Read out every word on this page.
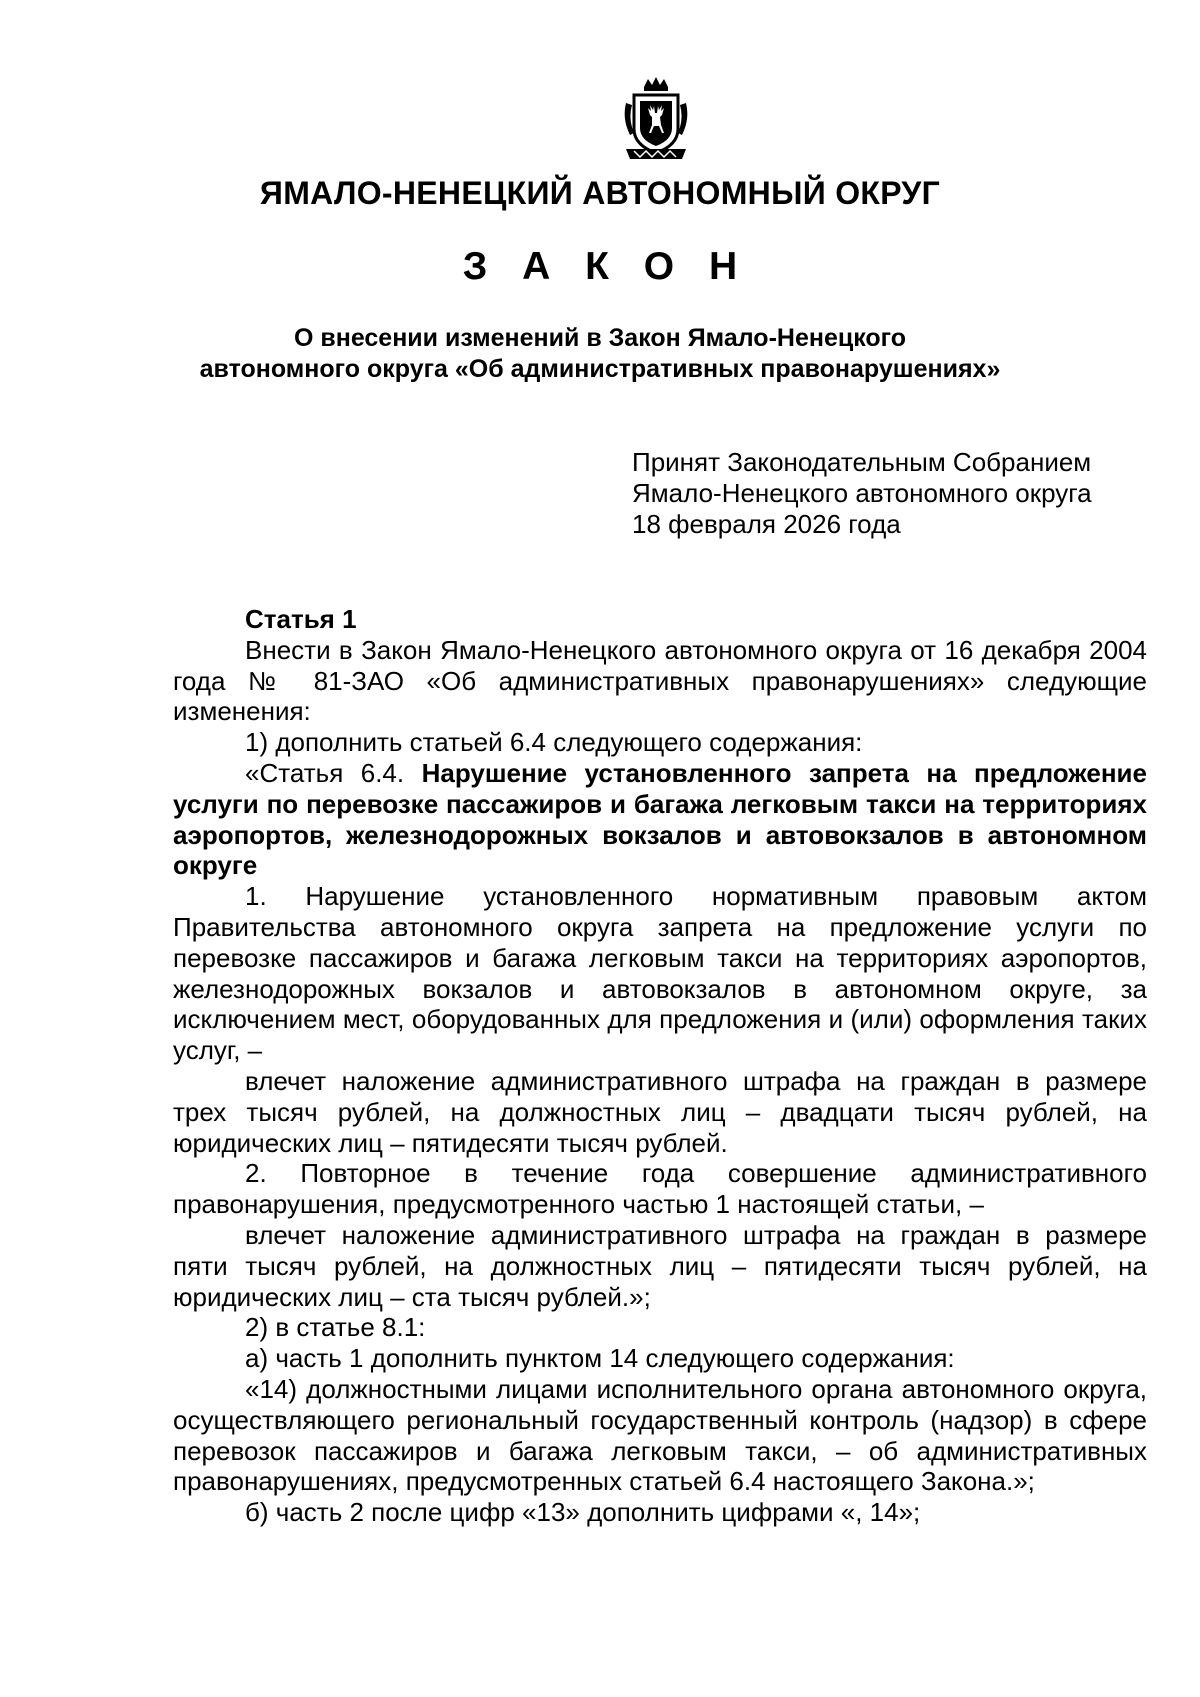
ЯМАЛО-НЕНЕЦКИЙ АВТОНОМНЫЙ ОКРУГ
З А К О Н
О внесении изменений в Закон Ямало-Ненецкого
автономного округа «Об административных правонарушениях»
Принят Законодательным Собранием
Ямало-Ненецкого автономного округа
18 февраля 2026 года

Статья 1

Внести в Закон Ямало-Ненецкого автономного округа от 16 декабря 2004 года № 81-ЗАО «Об административных правонарушениях» следующие изменения:

1) дополнить статьей 6.4 следующего содержания:

«Статья 6.4. Нарушение установленного запрета на предложение услуги по перевозке пассажиров и багажа легковым такси на территориях аэропортов, железнодорожных вокзалов и автовокзалов в автономном округе

1. Нарушение установленного нормативным правовым актом Правительства автономного округа запрета на предложение услуги по перевозке пассажиров и багажа легковым такси на территориях аэропортов, железнодорожных вокзалов и автовокзалов в автономном округе, за исключением мест, оборудованных для предложения и (или) оформления таких услуг, –

влечет наложение административного штрафа на граждан в размере трех тысяч рублей, на должностных лиц – двадцати тысяч рублей, на юридических лиц – пятидесяти тысяч рублей.

2. Повторное в течение года совершение административного правонарушения, предусмотренного частью 1 настоящей статьи, –

влечет наложение административного штрафа на граждан в размере пяти тысяч рублей, на должностных лиц – пятидесяти тысяч рублей, на юридических лиц – ста тысяч рублей.»;

2) в статье 8.1:

а) часть 1 дополнить пунктом 14 следующего содержания:

«14) должностными лицами исполнительного органа автономного округа, осуществляющего региональный государственный контроль (надзор) в сфере перевозок пассажиров и багажа легковым такси, – об административных правонарушениях, предусмотренных статьей 6.4 настоящего Закона.»;

б) часть 2 после цифр «13» дополнить цифрами «, 14»;
